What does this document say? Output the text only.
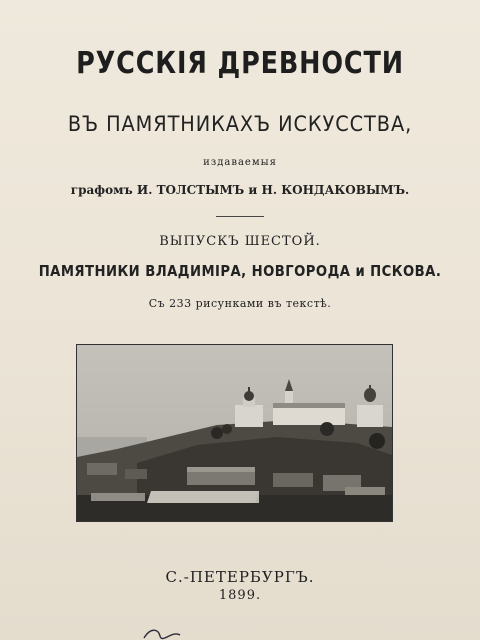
РУССКІЯ ДРЕВНОСТИ
ВЪ ПАМЯТНИКАХЪ ИСКУССТВА,
издаваемыя
графомъ И. ТОЛСТЫМЪ и Н. КОНДАКОВЫМЪ.
ВЫПУСКЪ ШЕСТОЙ.
ПАМЯТНИКИ ВЛАДИМІРА, НОВГОРОДА и ПСКОВА.
Съ 233 рисунками въ текстѣ.
С.-ПЕТЕРБУРГЪ.
1899.
